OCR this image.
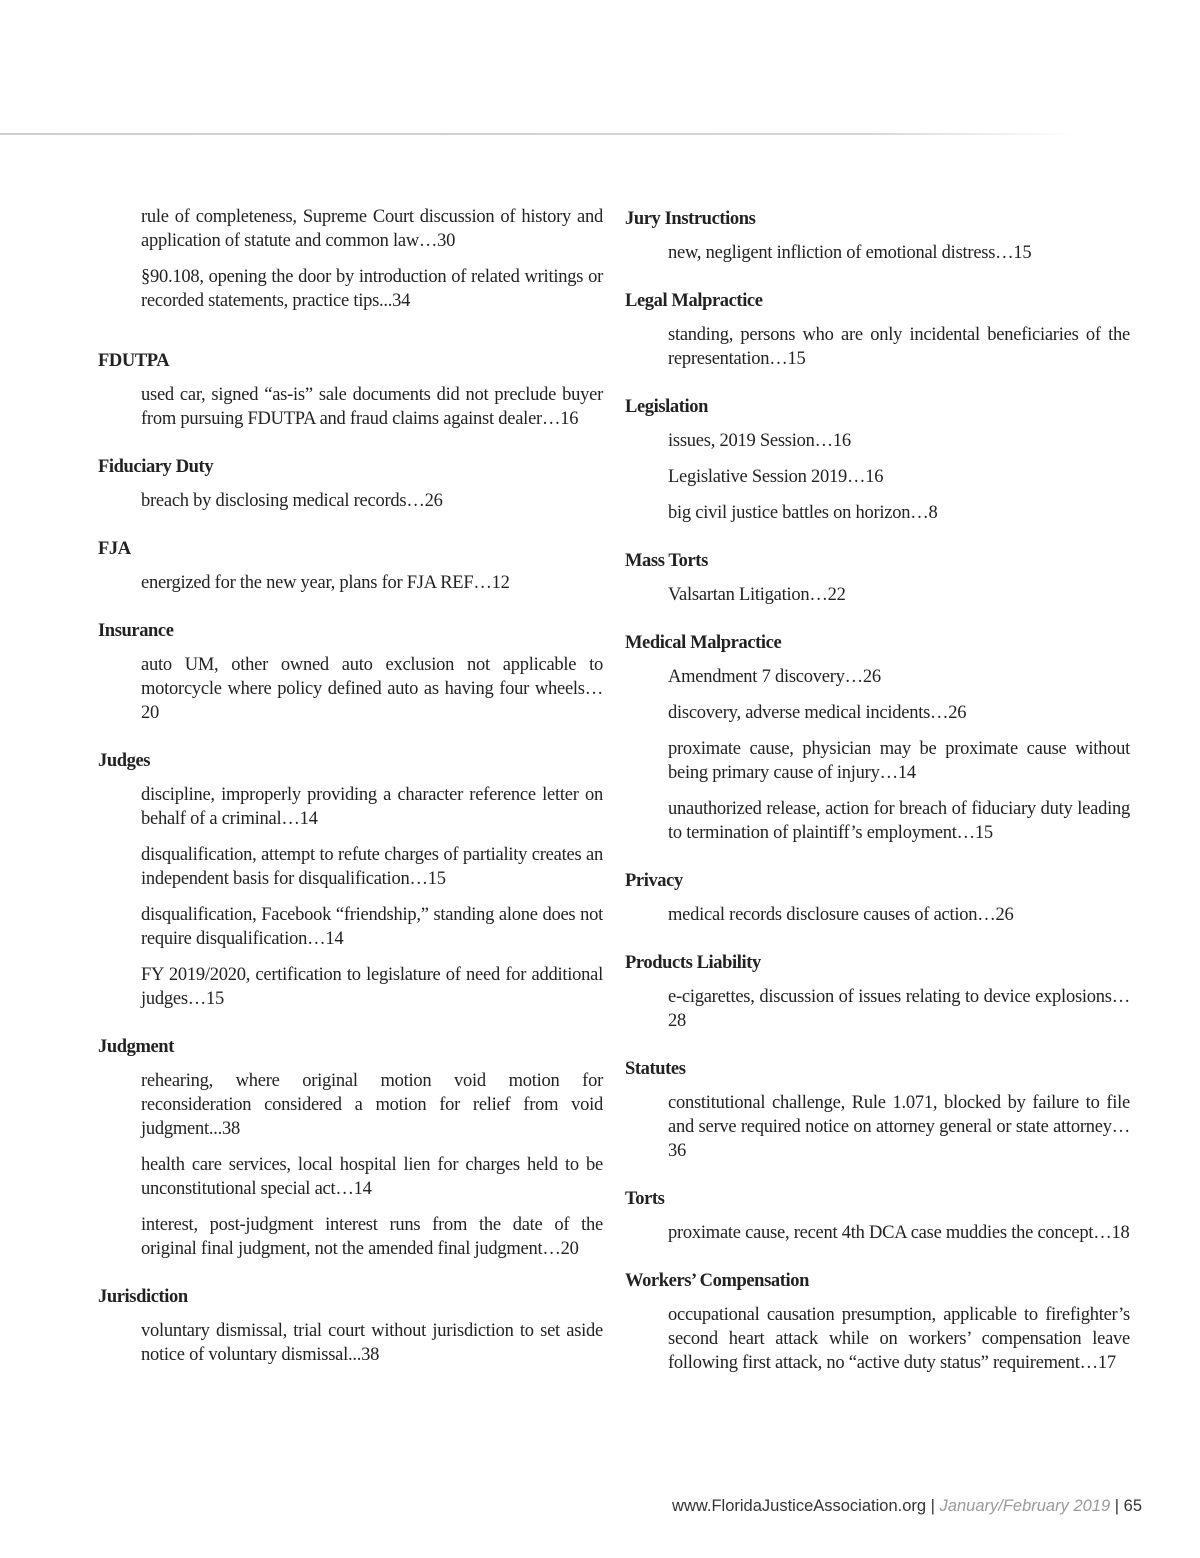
rule of completeness, Supreme Court discussion of history and application of statute and common law…30

§90.108, opening the door by introduction of related writings or recorded statements, practice tips...34

FDUTPA

used car, signed “as-is” sale documents did not preclude buyer from pursuing FDUTPA and fraud claims against dealer…16

Fiduciary Duty

breach by disclosing medical records…26

FJA

energized for the new year, plans for FJA REF…12

Insurance

auto UM, other owned auto exclusion not applicable to motorcycle where policy defined auto as having four wheels…20

Judges

discipline, improperly providing a character reference letter on behalf of a criminal…14

disqualification, attempt to refute charges of partiality creates an independent basis for disqualification…15

disqualification, Facebook “friendship,” standing alone does not require disqualification…14

FY 2019/2020, certification to legislature of need for additional judges…15

Judgment

rehearing, where original motion void motion for reconsideration considered a motion for relief from void judgment...38

health care services, local hospital lien for charges held to be unconstitutional special act…14

interest, post-judgment interest runs from the date of the original final judgment, not the amended final judgment…20

Jurisdiction

voluntary dismissal, trial court without jurisdiction to set aside notice of voluntary dismissal...38

Jury Instructions

new, negligent infliction of emotional distress…15

Legal Malpractice

standing, persons who are only incidental beneficiaries of the representation…15

Legislation

issues, 2019 Session…16

Legislative Session 2019…16

big civil justice battles on horizon…8

Mass Torts

Valsartan Litigation…22

Medical Malpractice

Amendment 7 discovery…26

discovery, adverse medical incidents…26

proximate cause, physician may be proximate cause without being primary cause of injury…14

unauthorized release, action for breach of fiduciary duty leading to termination of plaintiff’s employment…15

Privacy

medical records disclosure causes of action…26

Products Liability

e-cigarettes, discussion of issues relating to device explosions…28

Statutes

constitutional challenge, Rule 1.071, blocked by failure to file and serve required notice on attorney general or state attorney…36

Torts

proximate cause, recent 4th DCA case muddies the concept…18

Workers’ Compensation

occupational causation presumption, applicable to firefighter’s second heart attack while on workers’ compensation leave following first attack, no “active duty status” requirement…17

www.FloridaJusticeAssociation.org | January/February 2019 | 65
